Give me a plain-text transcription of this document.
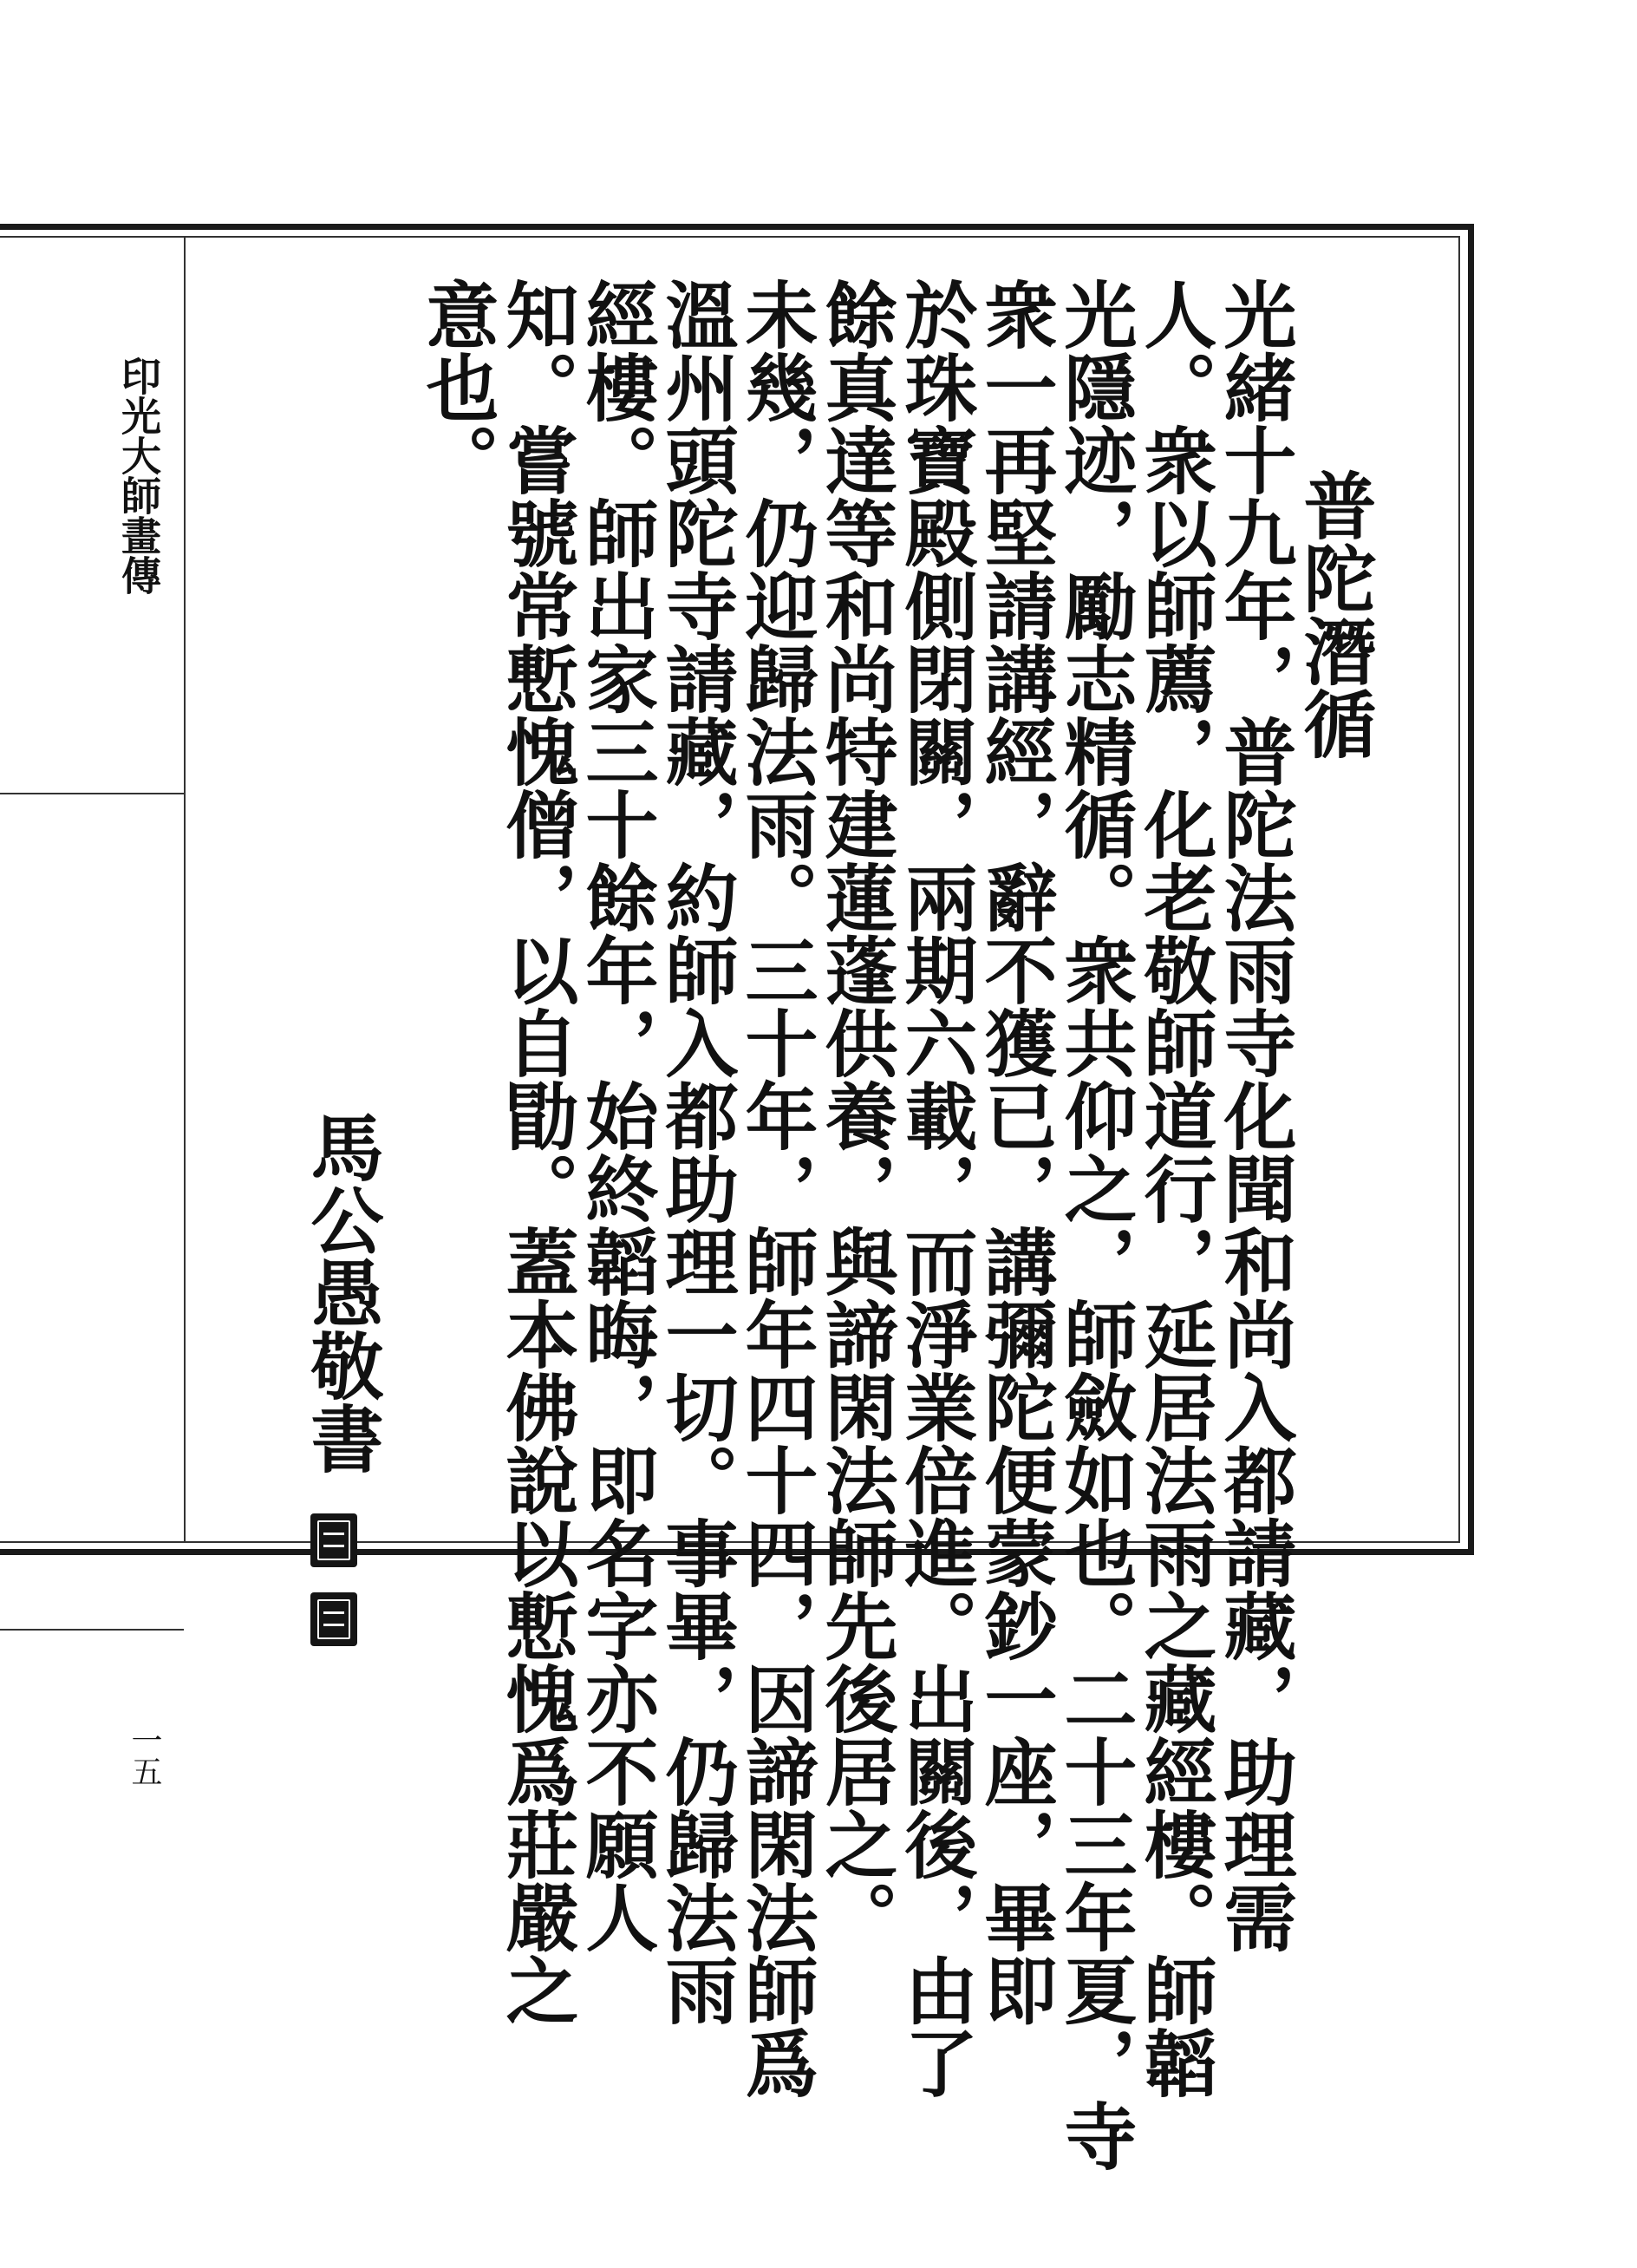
印光大師畫傳
一五
普陀潛循
光緒十九年，普陀法雨寺化聞和尚入都請藏，助理需
人。衆以師薦，化老敬師道行，延居法雨之藏經樓。師韜
光隱迹，勵志精循。衆共仰之，師斂如也。二十三年夏，寺
衆一再堅請講經，辭不獲已，講彌陀便蒙鈔一座，畢即
於珠寶殿側閉關，兩期六載，而淨業倍進。出關後，由了
餘真達等和尚特建蓮蓬供養，與諦閑法師先後居之。
未幾，仍迎歸法雨。三十年，師年四十四，因諦閑法師爲
溫州頭陀寺請藏，約師入都助理一切。事畢，仍歸法雨
經樓。師出家三十餘年，始終韜晦，即名字亦不願人
知。嘗號常慙愧僧，以自勖。蓋本佛說以慙愧爲莊嚴之
意也。
馬公愚敬書
